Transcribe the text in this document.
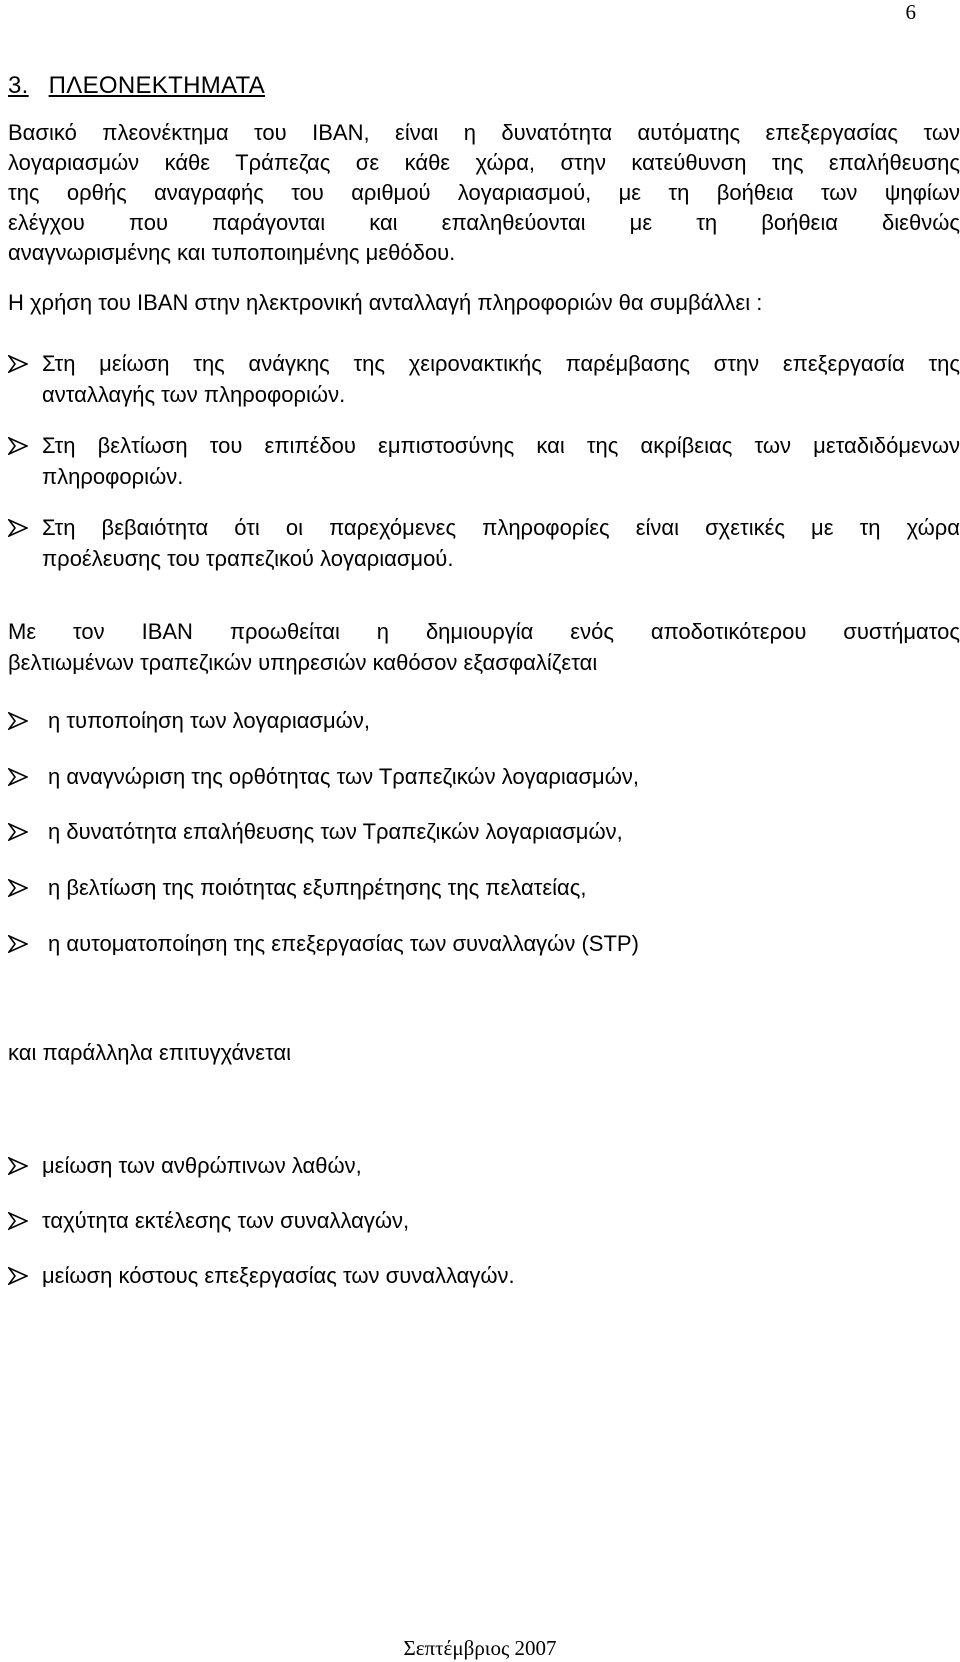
6
3. ΠΛΕΟΝΕΚΤΗΜΑΤΑ
Βασικό πλεονέκτημα του IBAN, είναι η δυνατότητα αυτόματης επεξεργασίας των
λογαριασμών κάθε Τράπεζας σε κάθε χώρα, στην κατεύθυνση της επαλήθευσης
της ορθής αναγραφής του αριθμού λογαριασμού, με τη βοήθεια των ψηφίων
ελέγχου που παράγονται και επαληθεύονται με τη βοήθεια διεθνώς
αναγνωρισμένης και τυποποιημένης μεθόδου.
Η χρήση του IBAN στην ηλεκτρονική ανταλλαγή πληροφοριών θα συμβάλλει :
Στη μείωση της ανάγκης της χειρονακτικής παρέμβασης στην επεξεργασία της
ανταλλαγής των πληροφοριών.
Στη βελτίωση του επιπέδου εμπιστοσύνης και της ακρίβειας των μεταδιδόμενων
πληροφοριών.
Στη βεβαιότητα ότι οι παρεχόμενες πληροφορίες είναι σχετικές με τη χώρα
προέλευσης του τραπεζικού λογαριασμού.
Με τον IBAN προωθείται η δημιουργία ενός αποδοτικότερου συστήματος
βελτιωμένων τραπεζικών υπηρεσιών καθόσον εξασφαλίζεται
η τυποποίηση των λογαριασμών,
η αναγνώριση της ορθότητας των Τραπεζικών λογαριασμών,
η δυνατότητα επαλήθευσης των Τραπεζικών λογαριασμών,
η βελτίωση της ποιότητας εξυπηρέτησης της πελατείας,
η αυτοματοποίηση της επεξεργασίας των συναλλαγών (STP)
και παράλληλα επιτυγχάνεται
μείωση των ανθρώπινων λαθών,
ταχύτητα εκτέλεσης των συναλλαγών,
μείωση κόστους επεξεργασίας των συναλλαγών.
Σεπτέμβριος 2007
